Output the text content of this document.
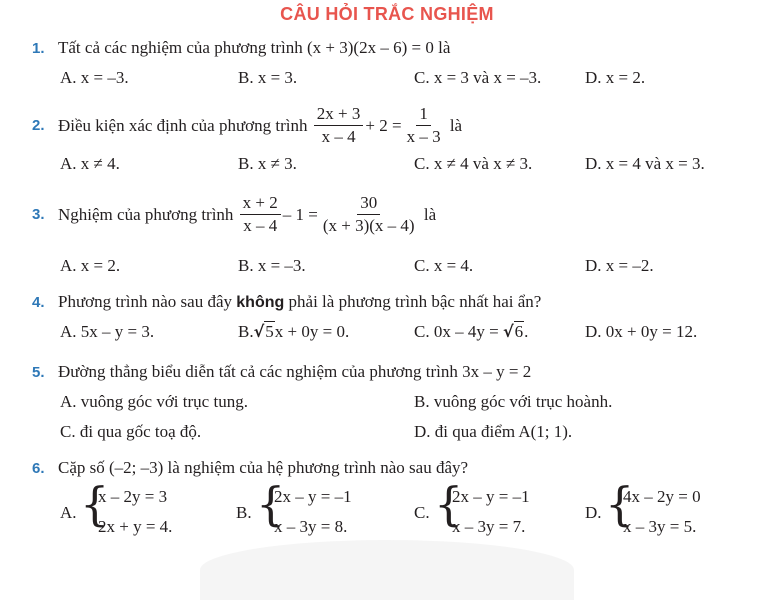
CÂU HỎI TRẮC NGHIỆM
1. Tất cả các nghiệm của phương trình (x + 3)(2x – 6) = 0 là
A. x = –3.	B. x = 3.	C. x = 3 và x = –3.	D. x = 2.
2. Điều kiện xác định của phương trình $\frac{2x + 3}{x - 4} + 2 = \frac{1}{x - 3}$ là
A. x ≠ 4.	B. x ≠ 3.	C. x ≠ 4 và x ≠ 3.	D. x = 4 và x = 3.
3. Nghiệm của phương trình $\frac{x + 2}{x - 4} - 1 = \frac{30}{(x + 3)(x - 4)}$ là
A. x = 2.	B. x = –3.	C. x = 4.	D. x = –2.
4. Phương trình nào sau đây không phải là phương trình bậc nhất hai ẩn?
A. 5x – y = 3.	B.√5x + 0y = 0.	C. 0x – 4y = √6.	D. 0x + 0y = 12.
5. Đường thẳng biểu diễn tất cả các nghiệm của phương trình 3x – y = 2
A. vuông góc với trục tung.	B. vuông góc với trục hoành.
C. đi qua gốc toạ độ.	D. đi qua điểm A(1; 1).
6. Cặp số (–2; –3) là nghiệm của hệ phương trình nào sau đây?
A. {
x – 2y = 3
2x + y = 4.
B. {
2x – y = –1
x – 3y = 8.
C. {
2x – y = –1
x – 3y = 7.
D. {
4x – 2y = 0
x – 3y = 5.
